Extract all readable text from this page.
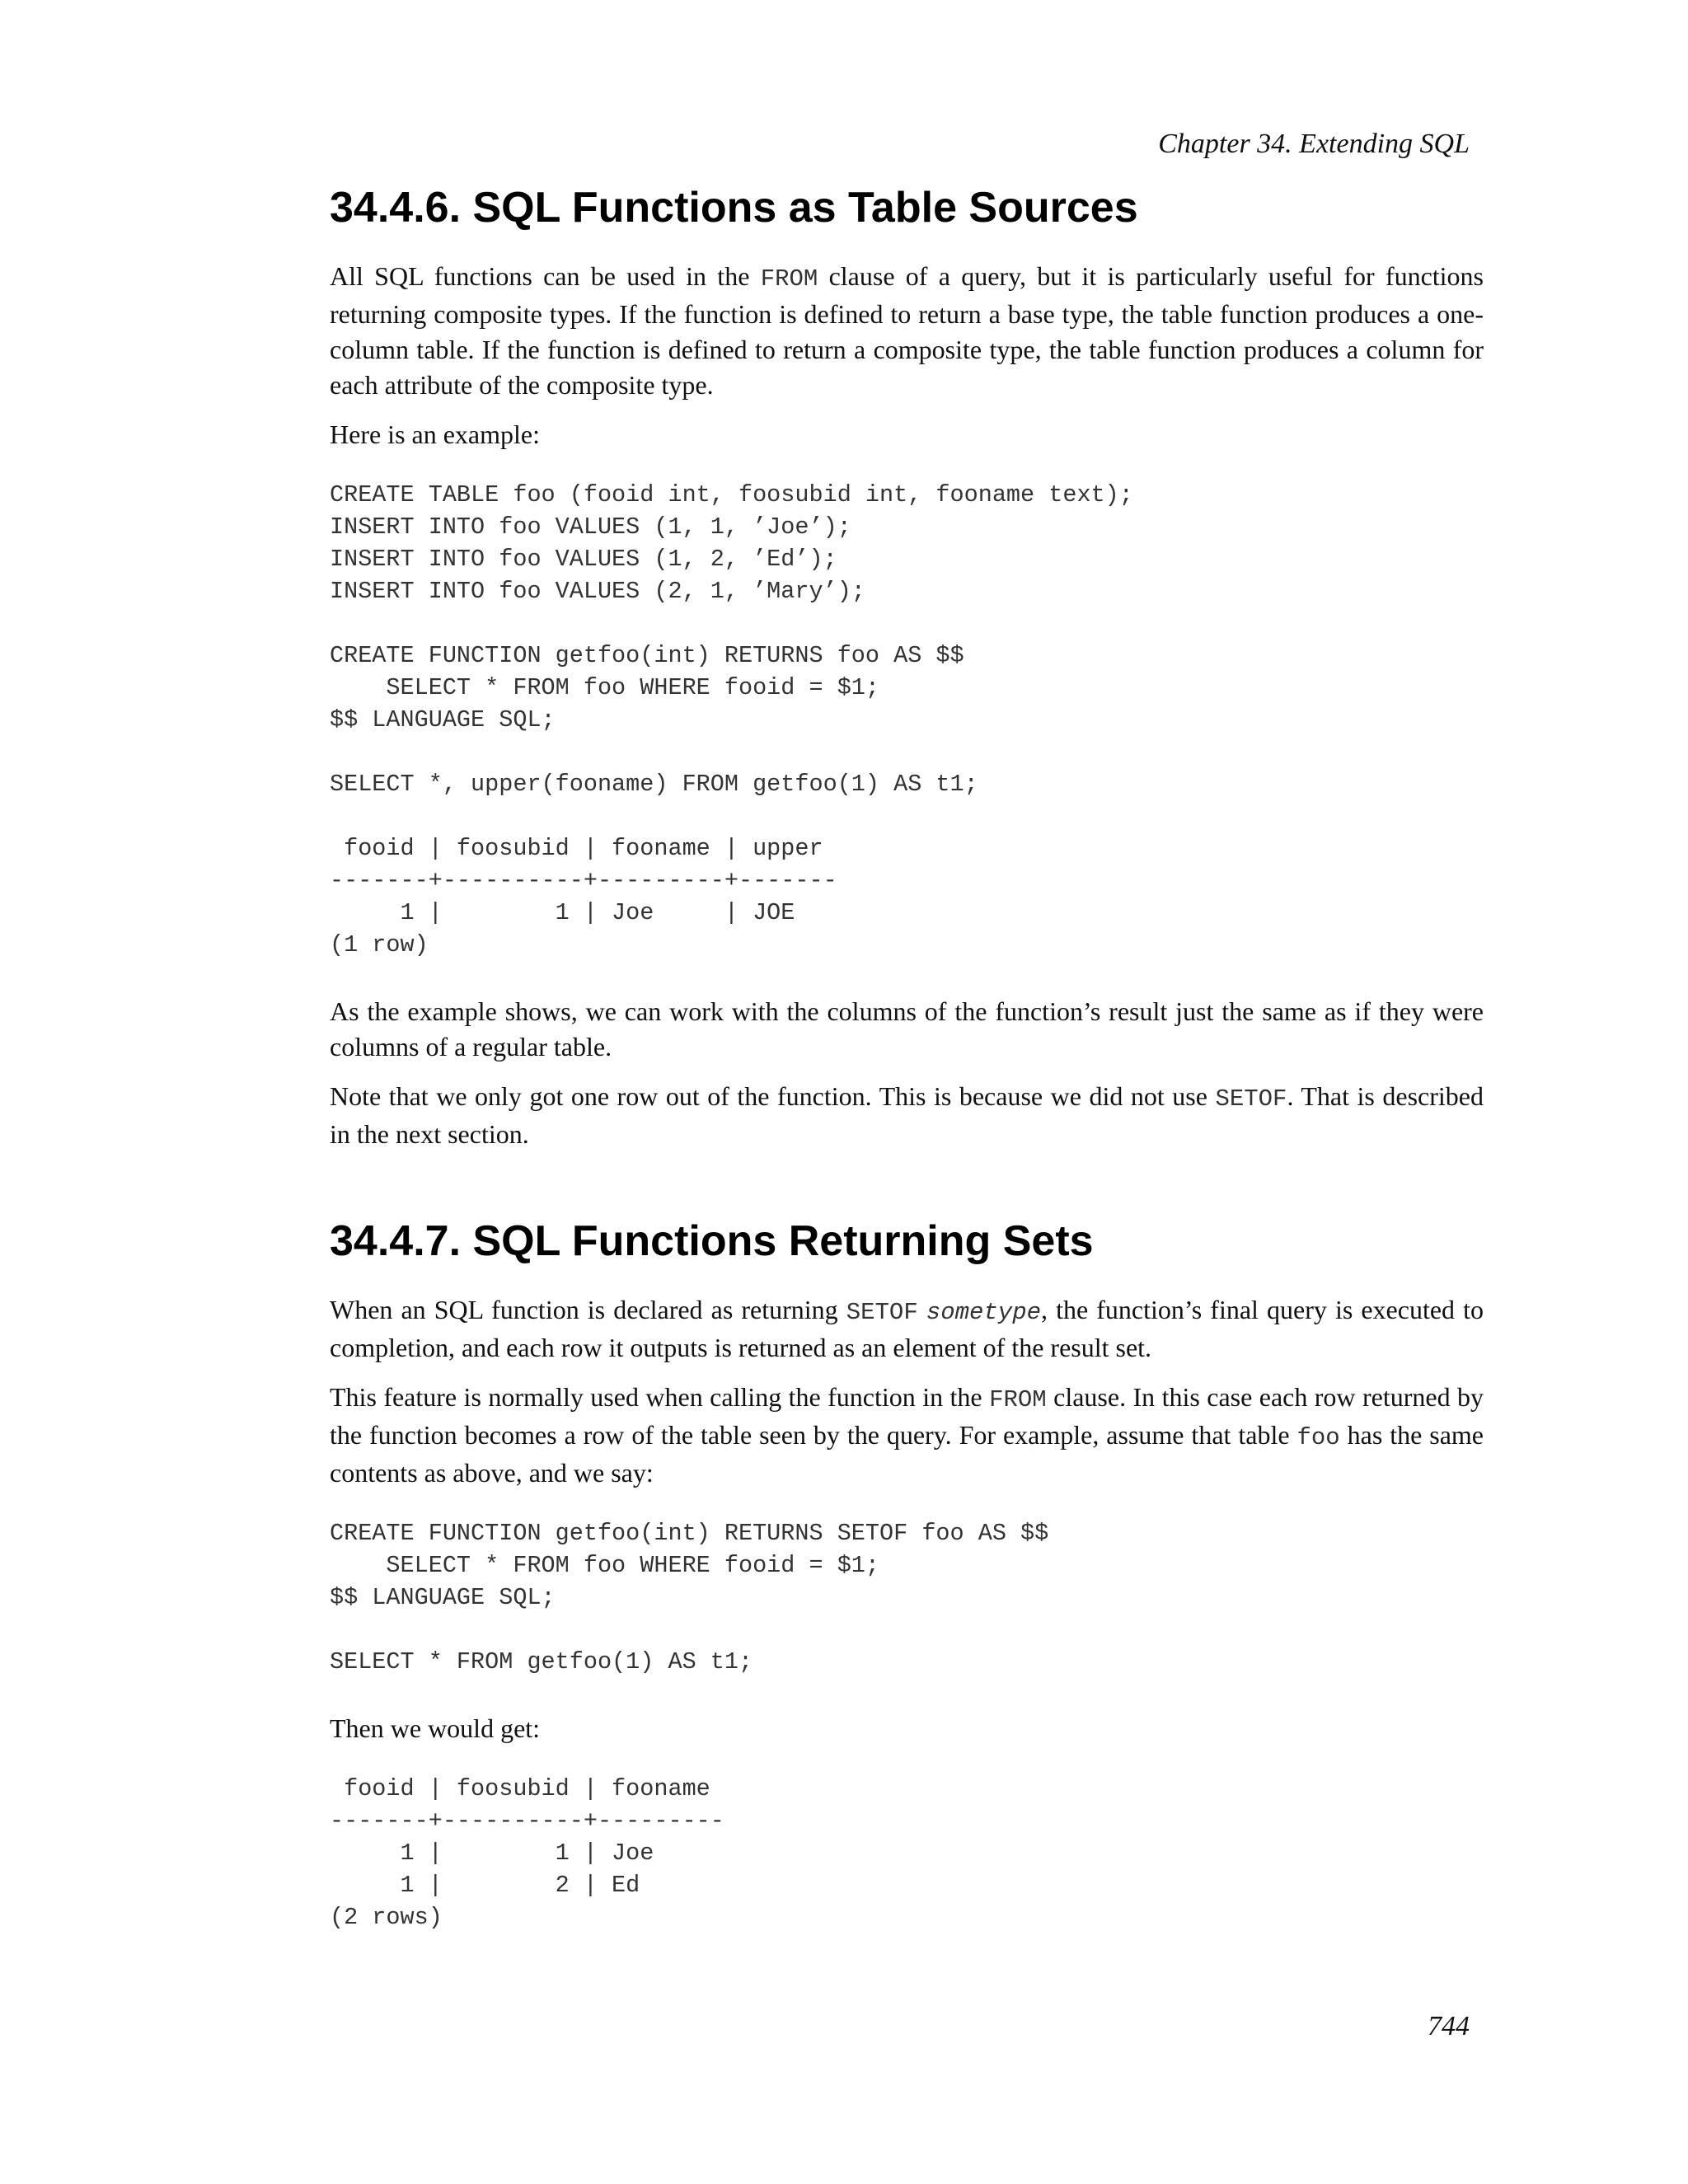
Chapter 34. Extending SQL
34.4.6. SQL Functions as Table Sources

All SQL functions can be used in the FROM clause of a query, but it is particularly useful for functions returning composite types. If the function is defined to return a base type, the table function produces a one-column table. If the function is defined to return a composite type, the table function produces a column for each attribute of the composite type.

Here is an example:

CREATE TABLE foo (fooid int, foosubid int, fooname text);
INSERT INTO foo VALUES (1, 1, ’Joe’);
INSERT INTO foo VALUES (1, 2, ’Ed’);
INSERT INTO foo VALUES (2, 1, ’Mary’);

CREATE FUNCTION getfoo(int) RETURNS foo AS $$
SELECT * FROM foo WHERE fooid = $1;
$$ LANGUAGE SQL;

SELECT *, upper(fooname) FROM getfoo(1) AS t1;

fooid | foosubid | fooname | upper
-------+----------+---------+-------
1 |        1 | Joe     | JOE
(1 row)

As the example shows, we can work with the columns of the function’s result just the same as if they were columns of a regular table.

Note that we only got one row out of the function. This is because we did not use SETOF. That is described in the next section.

34.4.7. SQL Functions Returning Sets

When an SQL function is declared as returning SETOF sometype, the function’s final query is executed to completion, and each row it outputs is returned as an element of the result set.

This feature is normally used when calling the function in the FROM clause. In this case each row returned by the function becomes a row of the table seen by the query. For example, assume that table foo has the same contents as above, and we say:

CREATE FUNCTION getfoo(int) RETURNS SETOF foo AS $$
SELECT * FROM foo WHERE fooid = $1;
$$ LANGUAGE SQL;

SELECT * FROM getfoo(1) AS t1;

Then we would get:

fooid | foosubid | fooname
-------+----------+---------
1 |        1 | Joe
1 |        2 | Ed
(2 rows)
744
